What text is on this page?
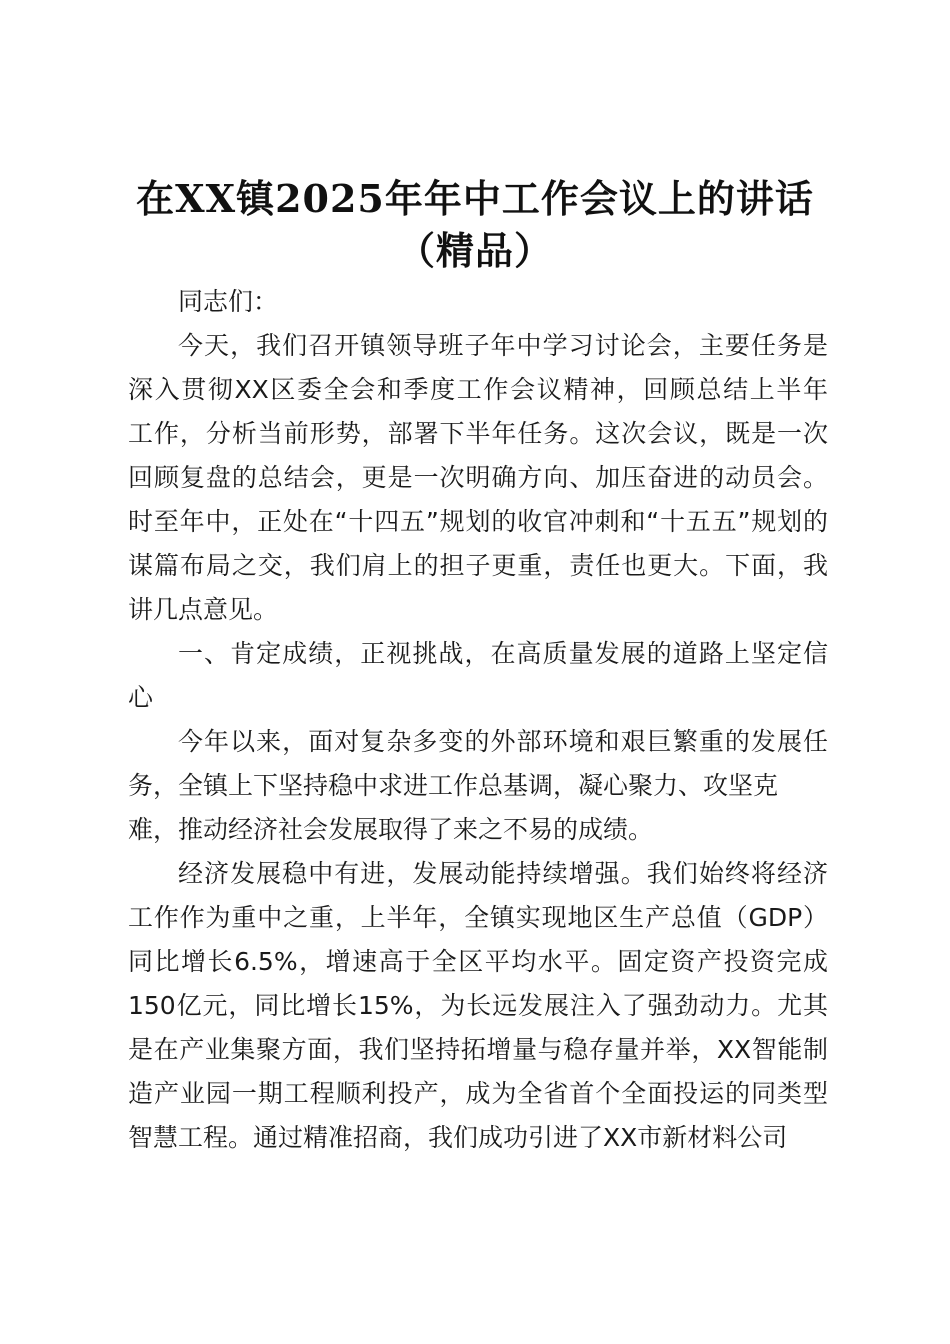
在XX镇2025年年中工作会议上的讲话
（精品）
同志们：
今天，我们召开镇领导班子年中学习讨论会，主要任务是
深入贯彻XX区委全会和季度工作会议精神，回顾总结上半年
工作，分析当前形势，部署下半年任务。这次会议，既是一次
回顾复盘的总结会，更是一次明确方向、加压奋进的动员会。
时至年中，正处在“十四五”规划的收官冲刺和“十五五”规划的
谋篇布局之交，我们肩上的担子更重，责任也更大。下面，我
讲几点意见。
一、肯定成绩，正视挑战，在高质量发展的道路上坚定信
心
今年以来，面对复杂多变的外部环境和艰巨繁重的发展任
务，全镇上下坚持稳中求进工作总基调，凝心聚力、攻坚克
难，推动经济社会发展取得了来之不易的成绩。
经济发展稳中有进，发展动能持续增强。我们始终将经济
工作作为重中之重，上半年，全镇实现地区生产总值（GDP）
同比增长6.5%，增速高于全区平均水平。固定资产投资完成
150亿元，同比增长15%，为长远发展注入了强劲动力。尤其
是在产业集聚方面，我们坚持拓增量与稳存量并举，XX智能制
造产业园一期工程顺利投产，成为全省首个全面投运的同类型
智慧工程。通过精准招商，我们成功引进了XX市新材料公司
